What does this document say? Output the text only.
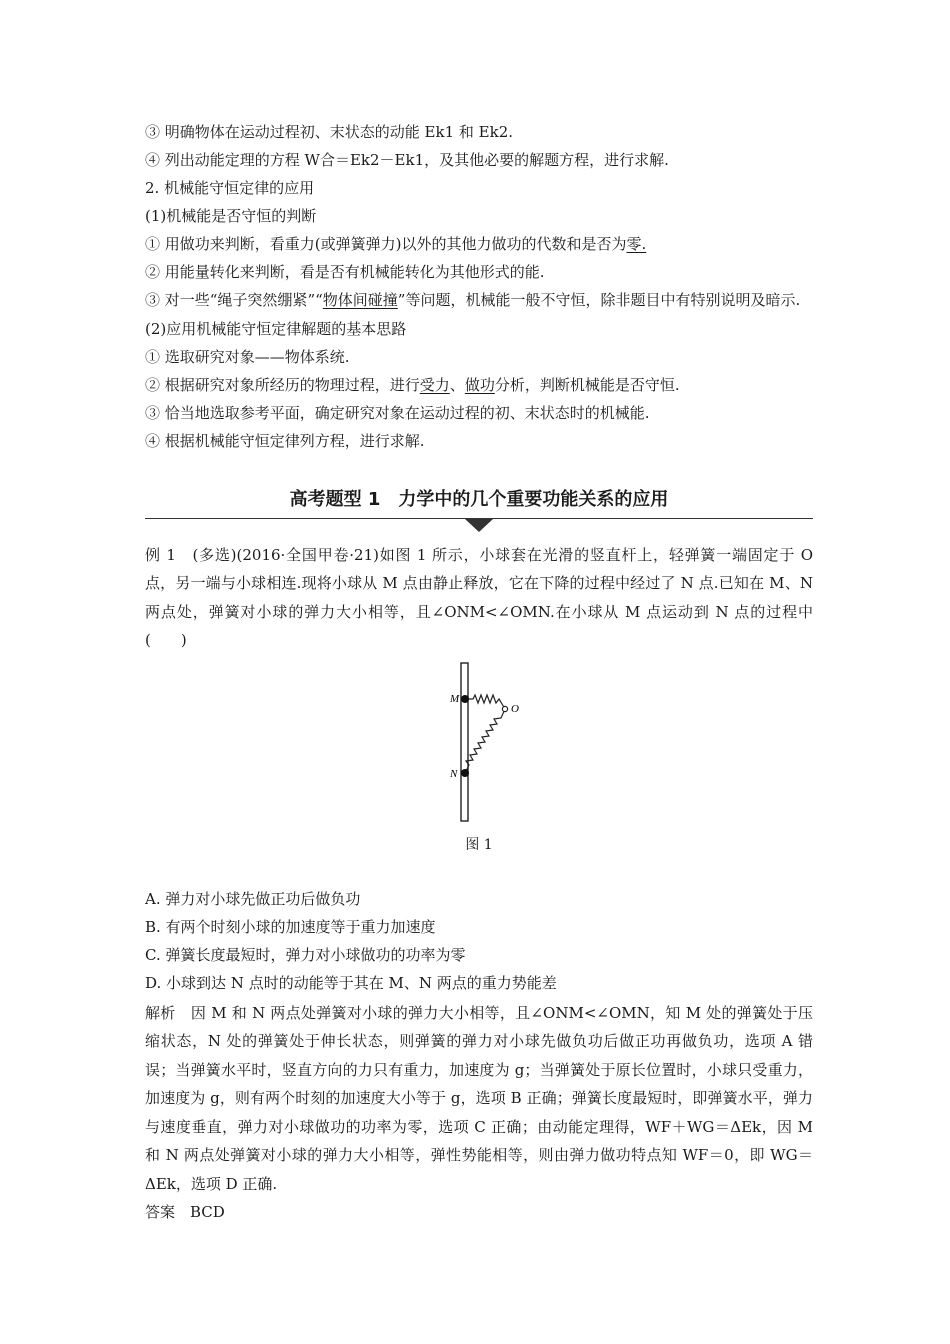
③ 明确物体在运动过程初、末状态的动能 Ek1 和 Ek2.
④ 列出动能定理的方程 W合＝Ek2－Ek1，及其他必要的解题方程，进行求解.
2. 机械能守恒定律的应用
(1)机械能是否守恒的判断
① 用做功来判断，看重力(或弹簧弹力)以外的其他力做功的代数和是否为零.
② 用能量转化来判断，看是否有机械能转化为其他形式的能.
③ 对一些“绳子突然绷紧”“物体间碰撞”等问题，机械能一般不守恒，除非题目中有特别说明及暗示.
(2)应用机械能守恒定律解题的基本思路
① 选取研究对象——物体系统.
② 根据研究对象所经历的物理过程，进行受力、做功分析，判断机械能是否守恒.
③ 恰当地选取参考平面，确定研究对象在运动过程的初、末状态时的机械能.
④ 根据机械能守恒定律列方程，进行求解.
高考题型 1　力学中的几个重要功能关系的应用
例 1　(多选)(2016·全国甲卷·21)如图 1 所示，小球套在光滑的竖直杆上，轻弹簧一端固定于 O 点，另一端与小球相连.现将小球从 M 点由静止释放，它在下降的过程中经过了 N 点.已知在 M、N 两点处，弹簧对小球的弹力大小相等，且∠ONM<∠OMN.在小球从 M 点运动到 N 点的过程中(　　)
M
O
N
图 1
A. 弹力对小球先做正功后做负功
B. 有两个时刻小球的加速度等于重力加速度
C. 弹簧长度最短时，弹力对小球做功的功率为零
D. 小球到达 N 点时的动能等于其在 M、N 两点的重力势能差
解析　因 M 和 N 两点处弹簧对小球的弹力大小相等，且∠ONM<∠OMN，知 M 处的弹簧处于压缩状态，N 处的弹簧处于伸长状态，则弹簧的弹力对小球先做负功后做正功再做负功，选项 A 错误；当弹簧水平时，竖直方向的力只有重力，加速度为 g；当弹簧处于原长位置时，小球只受重力，加速度为 g，则有两个时刻的加速度大小等于 g，选项 B 正确；弹簧长度最短时，即弹簧水平，弹力与速度垂直，弹力对小球做功的功率为零，选项 C 正确；由动能定理得，WF＋WG＝ΔEk，因 M 和 N 两点处弹簧对小球的弹力大小相等，弹性势能相等，则由弹力做功特点知 WF＝0，即 WG＝ΔEk，选项 D 正确.
答案　BCD
